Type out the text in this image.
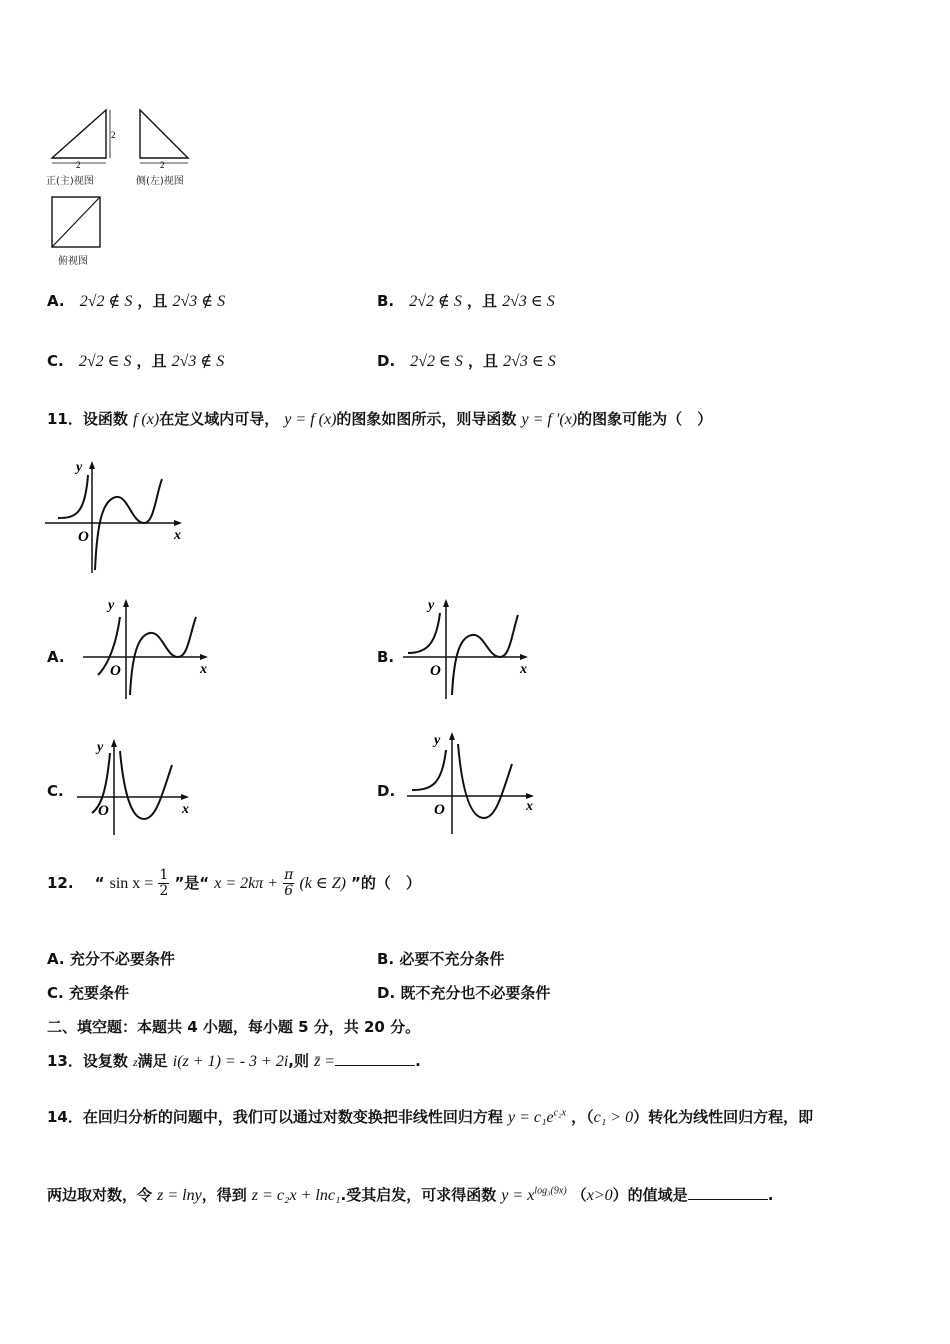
2
2
正(主)视图
2
侧(左)视图
俯视图
A. 2√2 ∉ S ，且 2√3 ∉ S	B. 2√2 ∉ S ，且 2√3 ∈ S
C. 2√2 ∈ S ，且 2√3 ∉ S	D. 2√2 ∈ S ，且 2√3 ∈ S
11．设函数 f (x)在定义域内可导， y = f (x)的图象如图所示，则导函数 y = f ′(x)的图象可能为（　）
y
x
O
A.
y
x
O
B.
y
x
O
C.
y
x
O
D.
y
x
O
12. “ $\sin x = \frac{1}{2}$ ”是“ $x = 2k\pi + \frac{\pi}{6} (k$ ∈ Z) ”的（　）
A. 充分不必要条件	B. 必要不充分条件
C. 充要条件	D. 既不充分也不必要条件
二、填空题：本题共 4 小题，每小题 5 分，共 20 分。
13．设复数 z满足 i(z + 1) = - 3 + 2i,则 z̄ =	.
14．在回归分析的问题中，我们可以通过对数变换把非线性回归方程 $y = c_1e^{c_2x}$ ，（c₁ > 0）转化为线性回归方程，即
两边取对数，令 z = lny，得到 z = c₂x + lnc₁.受其启发，可求得函数 $y = x^{log_3(9x)}$ （x>0）的值域是	.
